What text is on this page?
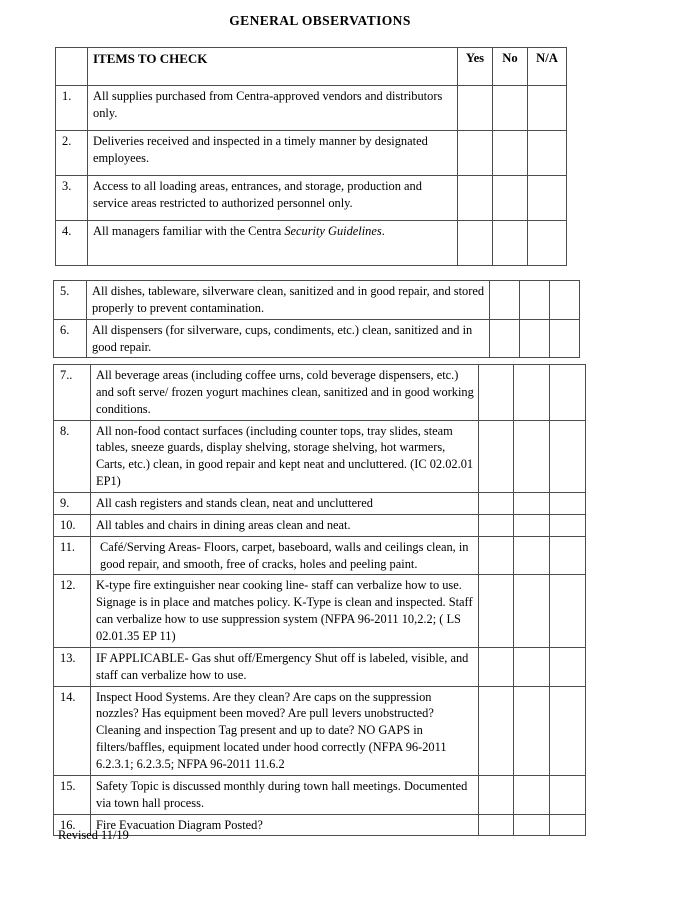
GENERAL OBSERVATIONS
	ITEMS TO CHECK	Yes	No	N/A
1.	All supplies purchased from Centra-approved vendors and distributors only.			
2.	Deliveries received and inspected in a timely manner by designated employees.			
3.	Access to all loading areas, entrances, and storage, production and service areas restricted to authorized personnel only.			
4.	All managers familiar with the Centra Security Guidelines.			
5.	All dishes, tableware, silverware clean, sanitized and in good repair, and stored properly to prevent contamination.			
6.	All dispensers (for silverware, cups, condiments, etc.) clean, sanitized and in good repair.			
7..	All beverage areas (including coffee urns, cold beverage dispensers, etc.) and soft serve/ frozen yogurt machines clean, sanitized and in good working conditions.			
8.	All non-food contact surfaces (including counter tops, tray slides, steam tables, sneeze guards, display shelving, storage shelving, hot warmers, Carts, etc.) clean, in good repair and kept neat and uncluttered. (IC 02.02.01 EP1)			
9.	All cash registers and stands clean, neat and uncluttered			
10.	All tables and chairs in dining areas clean and neat.			
11.	Café/Serving Areas- Floors, carpet, baseboard, walls and ceilings clean, in good repair, and smooth, free of cracks, holes and peeling paint.			
12.	K-type fire extinguisher near cooking line- staff can verbalize how to use. Signage is in place and matches policy. K-Type is clean and inspected. Staff can verbalize how to use suppression system (NFPA 96-2011 10,2.2; ( LS 02.01.35 EP 11)			
13.	IF APPLICABLE- Gas shut off/Emergency Shut off is labeled, visible, and staff can verbalize how to use.			
14.	Inspect Hood Systems. Are they clean? Are caps on the suppression nozzles? Has equipment been moved? Are pull levers unobstructed? Cleaning and inspection Tag present and up to date? NO GAPS in filters/baffles, equipment located under hood correctly (NFPA 96-2011 6.2.3.1; 6.2.3.5; NFPA 96-2011 11.6.2			
15.	Safety Topic is discussed monthly during town hall meetings. Documented via town hall process.			
16.	Fire Evacuation Diagram Posted?			
Revised 11/19
